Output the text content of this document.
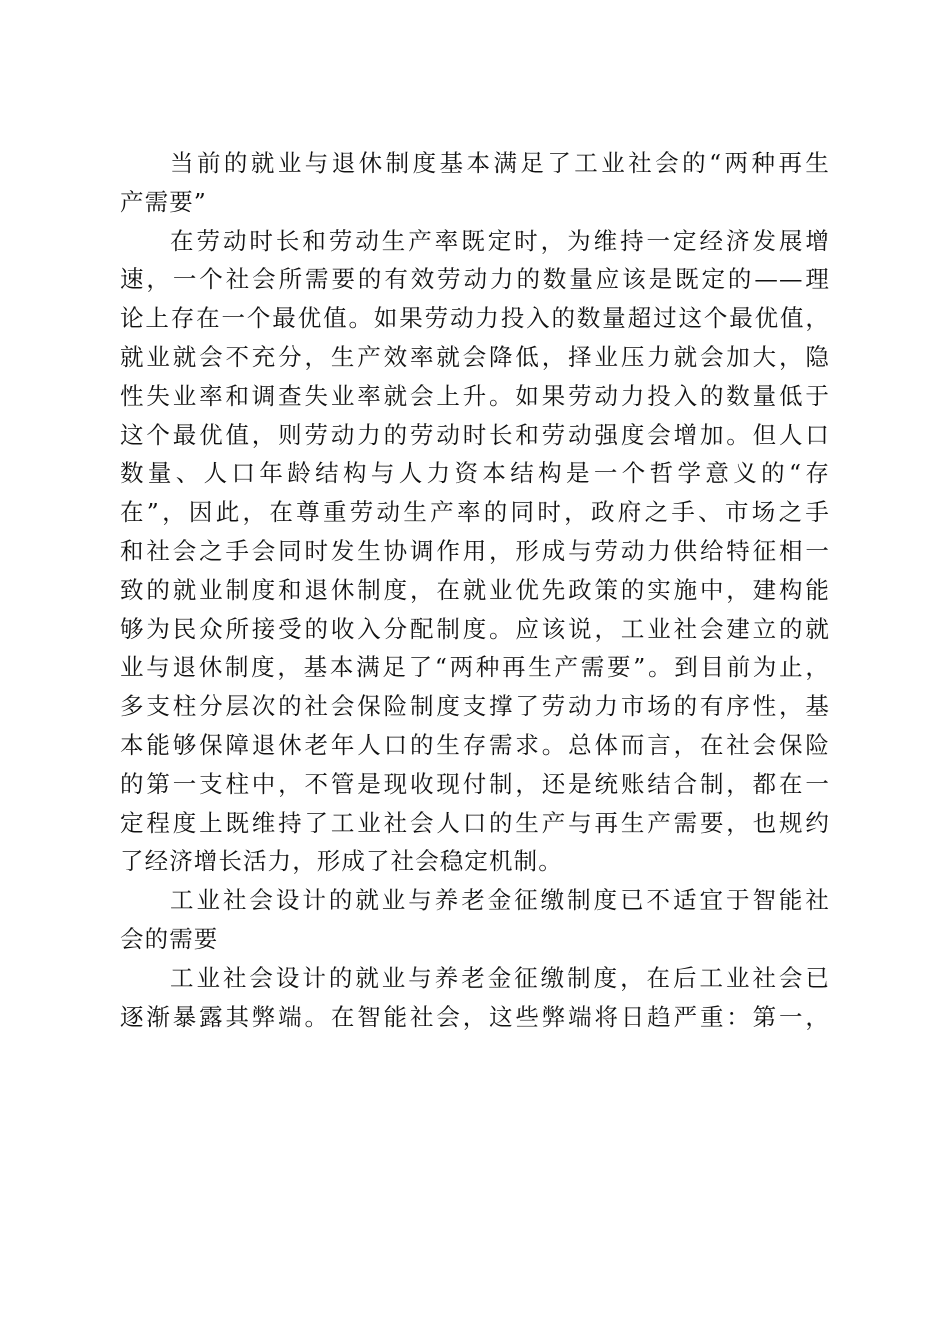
当前的就业与退休制度基本满足了工业社会的“两种再生
产需要”
在劳动时长和劳动生产率既定时，为维持一定经济发展增
速，一个社会所需要的有效劳动力的数量应该是既定的——理
论上存在一个最优值。如果劳动力投入的数量超过这个最优值，
就业就会不充分，生产效率就会降低，择业压力就会加大，隐
性失业率和调查失业率就会上升。如果劳动力投入的数量低于
这个最优值，则劳动力的劳动时长和劳动强度会增加。但人口
数量、人口年龄结构与人力资本结构是一个哲学意义的“存
在”，因此，在尊重劳动生产率的同时，政府之手、市场之手
和社会之手会同时发生协调作用，形成与劳动力供给特征相一
致的就业制度和退休制度，在就业优先政策的实施中，建构能
够为民众所接受的收入分配制度。应该说，工业社会建立的就
业与退休制度，基本满足了“两种再生产需要”。到目前为止，
多支柱分层次的社会保险制度支撑了劳动力市场的有序性，基
本能够保障退休老年人口的生存需求。总体而言，在社会保险
的第一支柱中，不管是现收现付制，还是统账结合制，都在一
定程度上既维持了工业社会人口的生产与再生产需要，也规约
了经济增长活力，形成了社会稳定机制。
工业社会设计的就业与养老金征缴制度已不适宜于智能社
会的需要
工业社会设计的就业与养老金征缴制度，在后工业社会已
逐渐暴露其弊端。在智能社会，这些弊端将日趋严重：第一，
